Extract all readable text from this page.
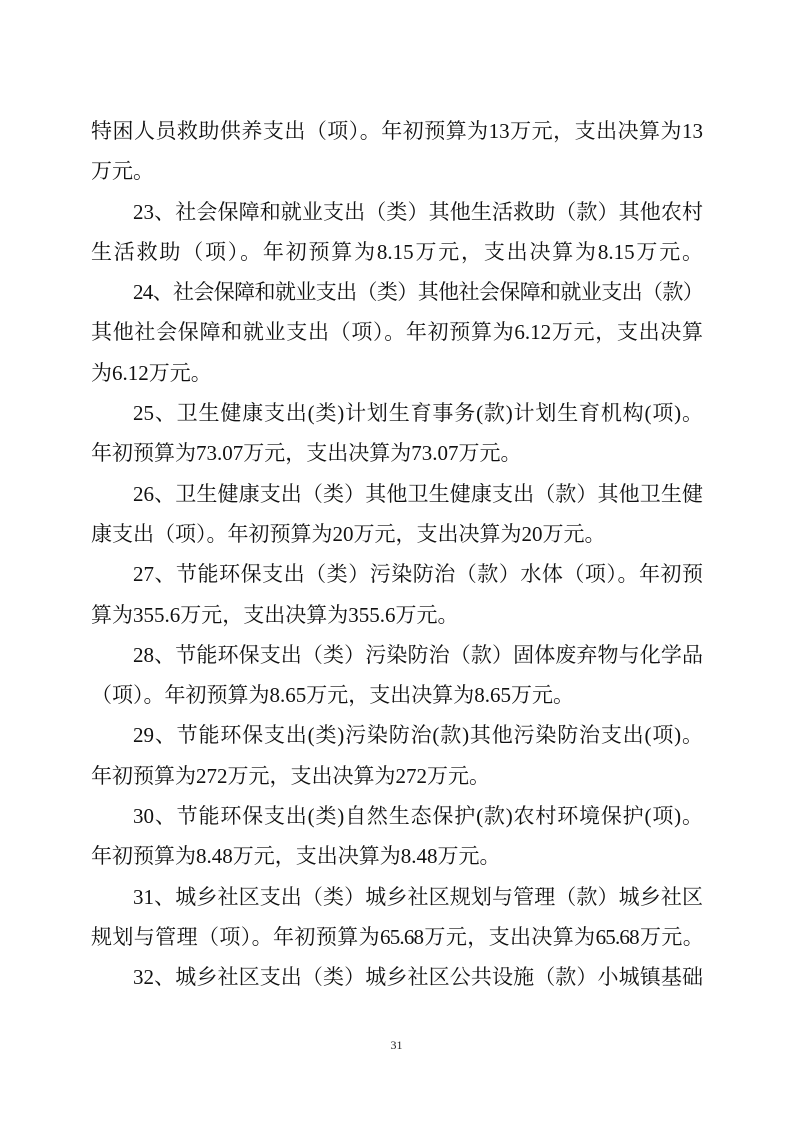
特困人员救助供养支出（项）。年初预算为13万元，支出决算为13
万元。
23、社会保障和就业支出（类）其他生活救助（款）其他农村
生活救助（项）。年初预算为8.15万元，支出决算为8.15万元。
24、社会保障和就业支出（类）其他社会保障和就业支出（款）
其他社会保障和就业支出（项）。年初预算为6.12万元，支出决算
为6.12万元。
25、卫生健康支出(类)计划生育事务(款)计划生育机构(项)。
年初预算为73.07万元，支出决算为73.07万元。
26、卫生健康支出（类）其他卫生健康支出（款）其他卫生健
康支出（项）。年初预算为20万元，支出决算为20万元。
27、节能环保支出（类）污染防治（款）水体（项）。年初预
算为355.6万元，支出决算为355.6万元。
28、节能环保支出（类）污染防治（款）固体废弃物与化学品
（项）。年初预算为8.65万元，支出决算为8.65万元。
29、节能环保支出(类)污染防治(款)其他污染防治支出(项)。
年初预算为272万元，支出决算为272万元。
30、节能环保支出(类)自然生态保护(款)农村环境保护(项)。
年初预算为8.48万元，支出决算为8.48万元。
31、城乡社区支出（类）城乡社区规划与管理（款）城乡社区
规划与管理（项）。年初预算为65.68万元，支出决算为65.68万元。
32、城乡社区支出（类）城乡社区公共设施（款）小城镇基础
31
